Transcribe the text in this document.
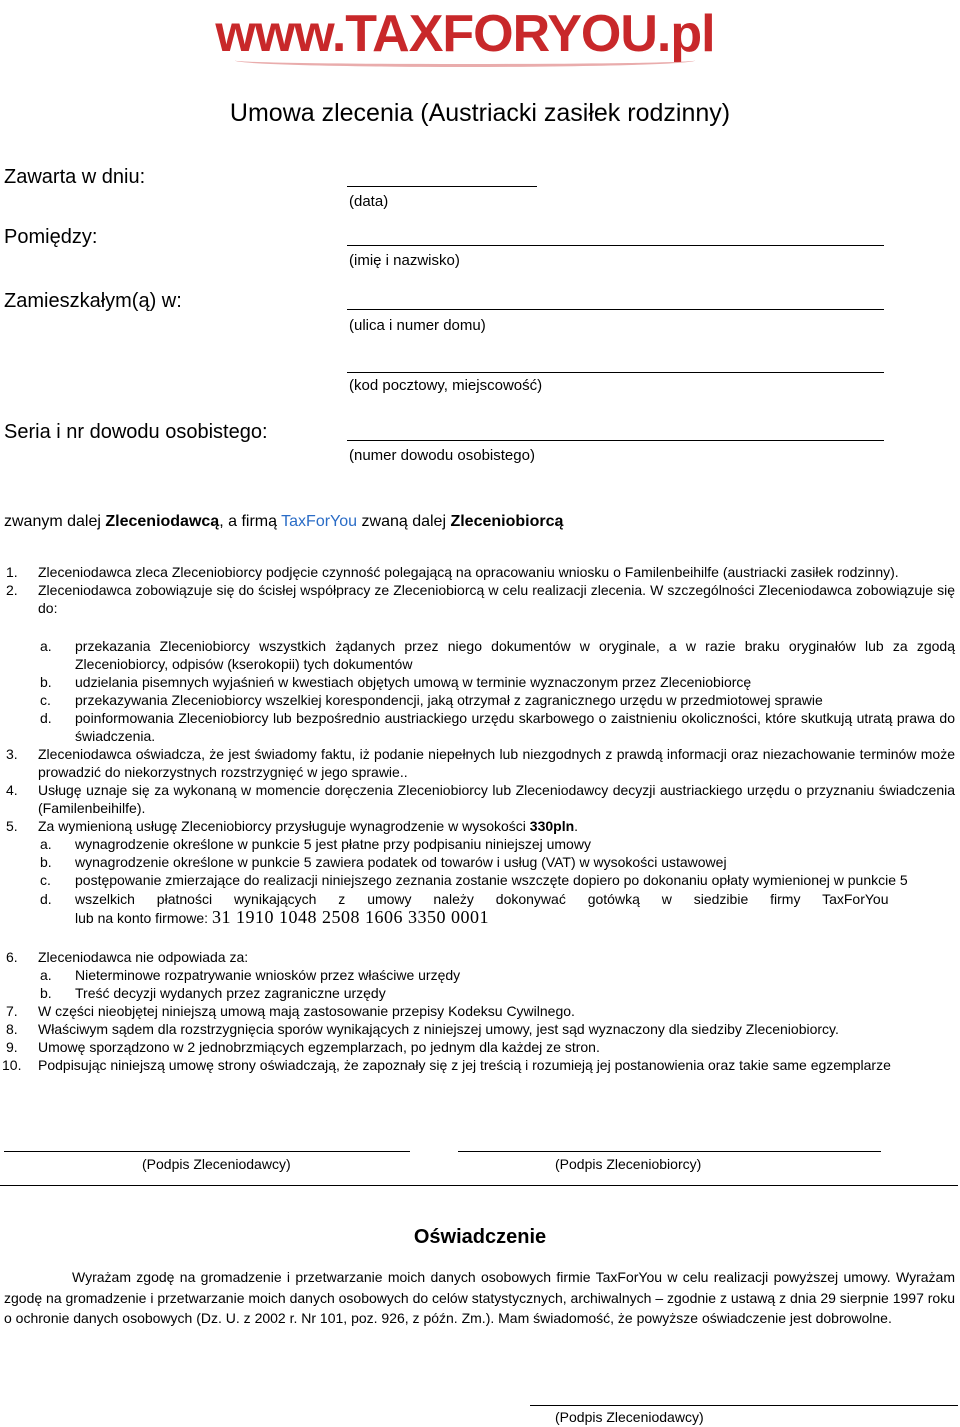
www.TAXFORYOU.pl
Umowa zlecenia (Austriacki zasiłek rodzinny)
Zawarta w dniu:
(data)
Pomiędzy:
(imię i nazwisko)
Zamieszkałym(ą) w:
(ulica i numer domu)
(kod pocztowy, miejscowość)
Seria i nr dowodu osobistego:
(numer dowodu osobistego)
zwanym dalej Zleceniodawcą, a firmą TaxForYou zwaną dalej Zleceniobiorcą
1. Zleceniodawca zleca Zleceniobiorcy podjęcie czynność polegającą na opracowaniu wniosku o Familenbeihilfe (austriacki zasiłek rodzinny).
2. Zleceniodawca zobowiązuje się do ścisłej współpracy ze Zleceniobiorcą w celu realizacji zlecenia. W szczególności Zleceniodawca zobowiązuje się do:
a. przekazania Zleceniobiorcy wszystkich żądanych przez niego dokumentów w oryginale, a w razie braku oryginałów lub za zgodą Zleceniobiorcy, odpisów (kserokopii) tych dokumentów
b. udzielania pisemnych wyjaśnień w kwestiach objętych umową w terminie wyznaczonym przez Zleceniobiorcę
c. przekazywania Zleceniobiorcy wszelkiej korespondencji, jaką otrzymał z zagranicznego urzędu w przedmiotowej sprawie
d. poinformowania Zleceniobiorcy lub bezpośrednio austriackiego urzędu skarbowego o zaistnieniu okoliczności, które skutkują utratą prawa do świadczenia.
3. Zleceniodawca oświadcza, że jest świadomy faktu, iż podanie niepełnych lub niezgodnych z prawdą informacji oraz niezachowanie terminów może prowadzić do niekorzystnych rozstrzygnięć w jego sprawie..
4. Usługę uznaje się za wykonaną w momencie doręczenia Zleceniobiorcy lub Zleceniodawcy decyzji austriackiego urzędu o przyznaniu świadczenia (Familenbeihilfe).
5. Za wymienioną usługę Zleceniobiorcy przysługuje wynagrodzenie w wysokości 330pln.
a. wynagrodzenie określone w punkcie 5 jest płatne przy podpisaniu niniejszej umowy
b. wynagrodzenie określone w punkcie 5 zawiera podatek od towarów i usług (VAT) w wysokości ustawowej
c. postępowanie zmierzające do realizacji niniejszego zeznania zostanie wszczęte dopiero po dokonaniu opłaty wymienionej w punkcie 5
d. wszelkich płatności wynikających z umowy należy dokonywać gotówką w siedzibie firmy TaxForYou
lub na konto firmowe: 31 1910 1048 2508 1606 3350 0001
6. Zleceniodawca nie odpowiada za:
a. Nieterminowe rozpatrywanie wniosków przez właściwe urzędy
b. Treść decyzji wydanych przez zagraniczne urzędy
7. W części nieobjętej niniejszą umową mają zastosowanie przepisy Kodeksu Cywilnego.
8. Właściwym sądem dla rozstrzygnięcia sporów wynikających z niniejszej umowy, jest sąd wyznaczony dla siedziby Zleceniobiorcy.
9. Umowę sporządzono w 2 jednobrzmiących egzemplarzach, po jednym dla każdej ze stron.
10. Podpisując niniejszą umowę strony oświadczają, że zapoznały się z jej treścią i rozumieją jej postanowienia oraz takie same egzemplarze
(Podpis Zleceniodawcy)	(Podpis Zleceniobiorcy)
Oświadczenie
Wyrażam zgodę na gromadzenie i przetwarzanie moich danych osobowych firmie TaxForYou w celu realizacji powyższej umowy. Wyrażam zgodę na gromadzenie i przetwarzanie moich danych osobowych do celów statystycznych, archiwalnych – zgodnie z ustawą z dnia 29 sierpnie 1997 roku o ochronie danych osobowych (Dz. U. z 2002 r. Nr 101, poz. 926, z późn. Zm.). Mam świadomość, że powyższe oświadczenie jest dobrowolne.
(Podpis Zleceniodawcy)
